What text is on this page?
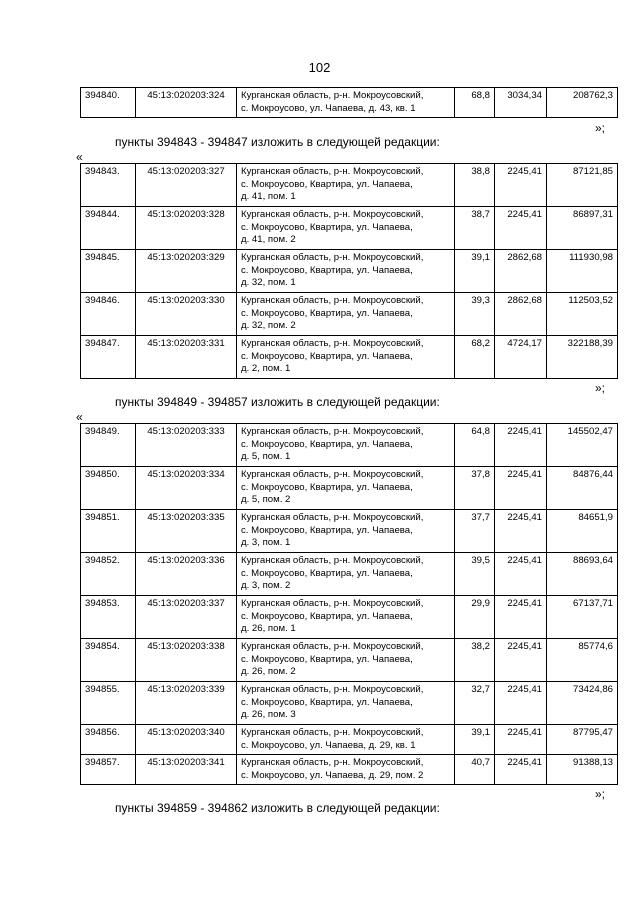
102
394840.	45:13:020203:324	Курганская область, р-н. Мокроусовский,
с. Мокроусово, ул. Чапаева, д. 43, кв. 1
	68,8	3034,34	208762,3
»;
пункты 394843 - 394847 изложить в следующей редакции:
«
394843.	45:13:020203:327	Курганская область, р-н. Мокроусовский,
с. Мокроусово, Квартира, ул. Чапаева,
д. 41, пом. 1	38,8	2245,41	87121,85
394844.	45:13:020203:328	Курганская область, р-н. Мокроусовский,
с. Мокроусово, Квартира, ул. Чапаева,
д. 41, пом. 2	38,7	2245,41	86897,31
394845.	45:13:020203:329	Курганская область, р-н. Мокроусовский,
с. Мокроусово, Квартира, ул. Чапаева,
д. 32, пом. 1	39,1	2862,68	111930,98
394846.	45:13:020203:330	Курганская область, р-н. Мокроусовский,
с. Мокроусово, Квартира, ул. Чапаева,
д. 32, пом. 2	39,3	2862,68	112503,52
394847.	45:13:020203:331	Курганская область, р-н. Мокроусовский,
с. Мокроусово, Квартира, ул. Чапаева,
д. 2, пом. 1	68,2	4724,17	322188,39
»;
пункты 394849 - 394857 изложить в следующей редакции:
«
394849.	45:13:020203:333	Курганская область, р-н. Мокроусовский,
с. Мокроусово, Квартира, ул. Чапаева,
д. 5, пом. 1	64,8	2245,41	145502,47
394850.	45:13:020203:334	Курганская область, р-н. Мокроусовский,
с. Мокроусово, Квартира, ул. Чапаева,
д. 5, пом. 2	37,8	2245,41	84876,44
394851.	45:13:020203:335	Курганская область, р-н. Мокроусовский,
с. Мокроусово, Квартира, ул. Чапаева,
д. 3, пом. 1	37,7	2245,41	84651,9
394852.	45:13:020203:336	Курганская область, р-н. Мокроусовский,
с. Мокроусово, Квартира, ул. Чапаева,
д. 3, пом. 2	39,5	2245,41	88693,64
394853.	45:13:020203:337	Курганская область, р-н. Мокроусовский,
с. Мокроусово, Квартира, ул. Чапаева,
д. 26, пом. 1	29,9	2245,41	67137,71
394854.	45:13:020203:338	Курганская область, р-н. Мокроусовский,
с. Мокроусово, Квартира, ул. Чапаева,
д. 26, пом. 2	38,2	2245,41	85774,6
394855.	45:13:020203:339	Курганская область, р-н. Мокроусовский,
с. Мокроусово, Квартира, ул. Чапаева,
д. 26, пом. 3	32,7	2245,41	73424,86
394856.	45:13:020203:340	Курганская область, р-н. Мокроусовский,
с. Мокроусово, ул. Чапаева, д. 29, кв. 1	39,1	2245,41	87795,47
394857.	45:13:020203:341	Курганская область, р-н. Мокроусовский,
с. Мокроусово, ул. Чапаева, д. 29, пом. 2	40,7	2245,41	91388,13
»;
пункты 394859 - 394862 изложить в следующей редакции:
